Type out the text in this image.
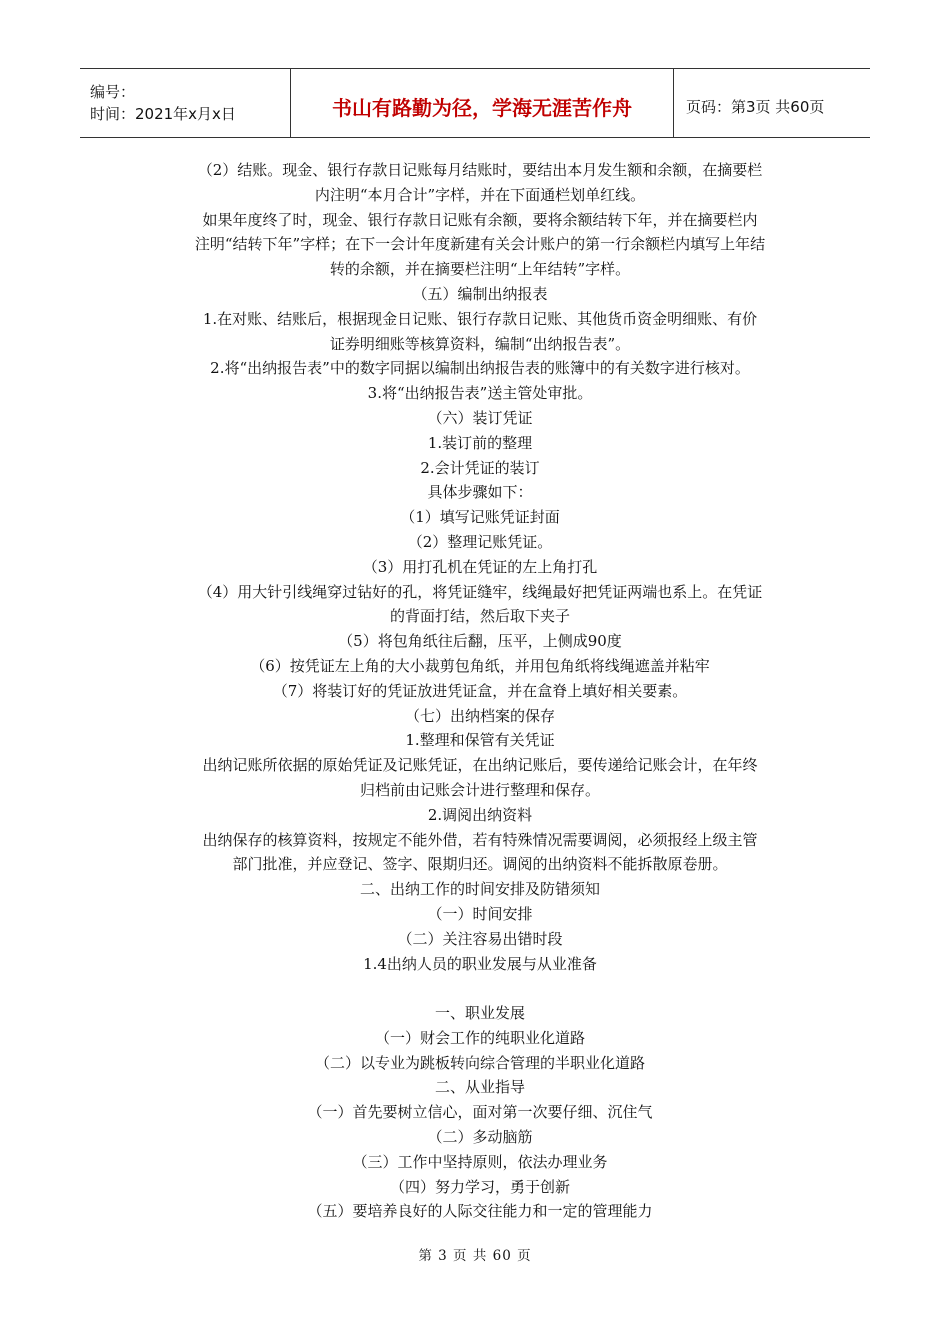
编号：
时间：2021年x月x日	书山有路勤为径，学海无涯苦作舟	页码：第3页 共60页
（2）结账。现金、银行存款日记账每月结账时，要结出本月发生额和余额，在摘要栏
内注明“本月合计”字样，并在下面通栏划单红线。
如果年度终了时，现金、银行存款日记账有余额，要将余额结转下年，并在摘要栏内
注明“结转下年”字样；在下一会计年度新建有关会计账户的第一行余额栏内填写上年结
转的余额，并在摘要栏注明“上年结转”字样。
（五）编制出纳报表
1.在对账、结账后，根据现金日记账、银行存款日记账、其他货币资金明细账、有价
证券明细账等核算资料，编制“出纳报告表”。
2.将“出纳报告表”中的数字同据以编制出纳报告表的账簿中的有关数字进行核对。
3.将“出纳报告表”送主管处审批。
（六）装订凭证
1.装订前的整理
2.会计凭证的装订
具体步骤如下：
（1）填写记账凭证封面
（2）整理记账凭证。
（3）用打孔机在凭证的左上角打孔
（4）用大针引线绳穿过钻好的孔，将凭证缝牢，线绳最好把凭证两端也系上。在凭证
的背面打结，然后取下夹子
（5）将包角纸往后翻，压平，上侧成90度
（6）按凭证左上角的大小裁剪包角纸，并用包角纸将线绳遮盖并粘牢
（7）将装订好的凭证放进凭证盒，并在盒脊上填好相关要素。
（七）出纳档案的保存
1.整理和保管有关凭证
出纳记账所依据的原始凭证及记账凭证，在出纳记账后，要传递给记账会计，在年终
归档前由记账会计进行整理和保存。
2.调阅出纳资料
出纳保存的核算资料，按规定不能外借，若有特殊情况需要调阅，必须报经上级主管
部门批准，并应登记、签字、限期归还。调阅的出纳资料不能拆散原卷册。
二、出纳工作的时间安排及防错须知
（一）时间安排
（二）关注容易出错时段
1.4出纳人员的职业发展与从业准备
一、职业发展
（一）财会工作的纯职业化道路
（二）以专业为跳板转向综合管理的半职业化道路
二、从业指导
（一）首先要树立信心，面对第一次要仔细、沉住气
（二）多动脑筋
（三）工作中坚持原则，依法办理业务
（四）努力学习，勇于创新
（五）要培养良好的人际交往能力和一定的管理能力
第 3 页 共 60 页
